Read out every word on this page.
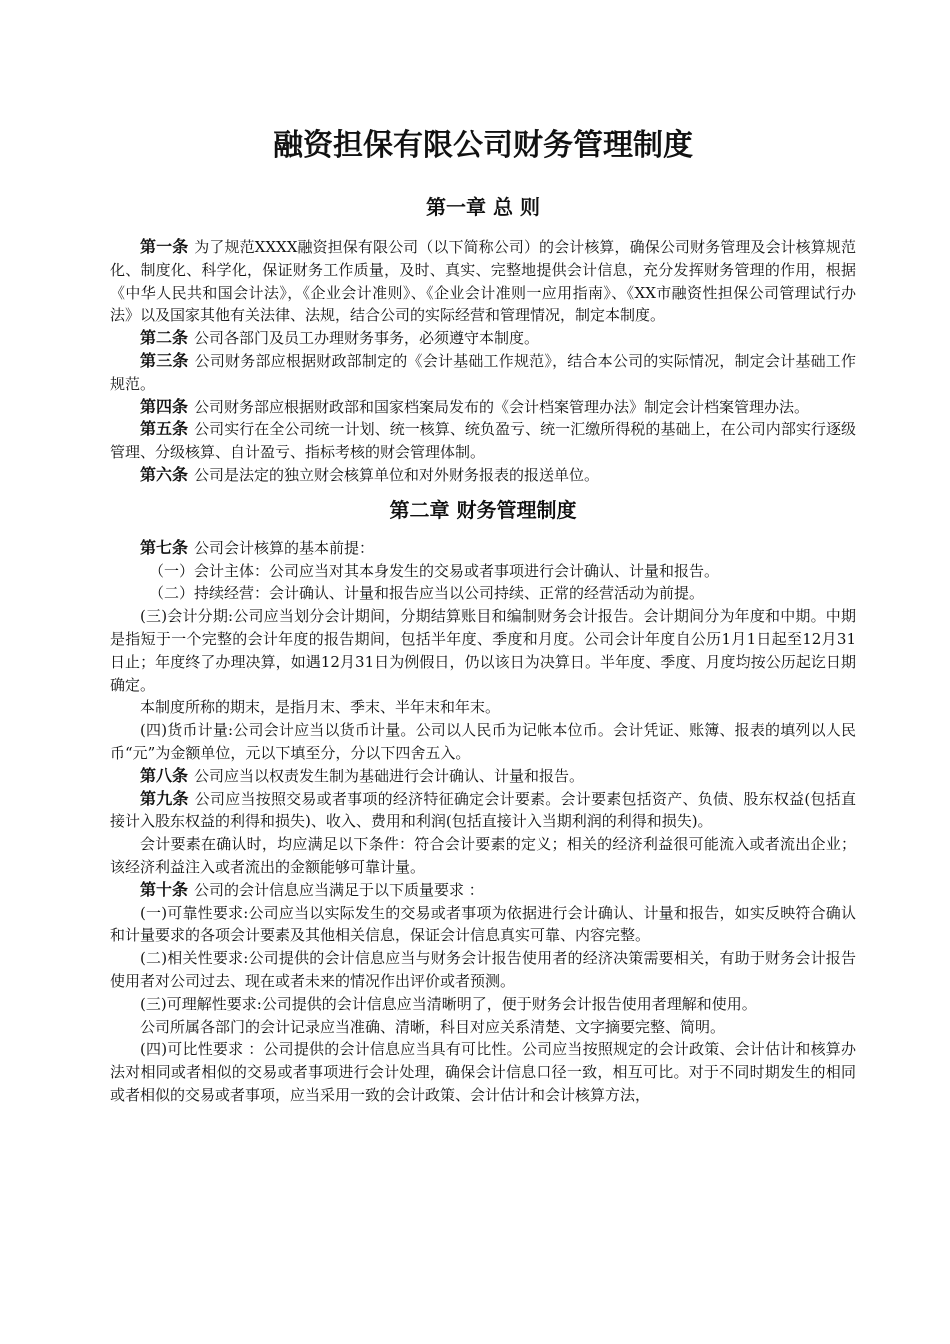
融资担保有限公司财务管理制度
第一章 总 则

第一条 为了规范XXXX融资担保有限公司（以下简称公司）的会计核算，确保公司财务管理及会计核算规范化、制度化、科学化，保证财务工作质量，及时、真实、完整地提供会计信息，充分发挥财务管理的作用，根据《中华人民共和国会计法》，《企业会计准则》、《企业会计准则一应用指南》、《XX市融资性担保公司管理试行办法》以及国家其他有关法律、法规，结合公司的实际经营和管理情况，制定本制度。

第二条 公司各部门及员工办理财务事务，必须遵守本制度。

第三条 公司财务部应根据财政部制定的《会计基础工作规范》，结合本公司的实际情况，制定会计基础工作规范。

第四条 公司财务部应根据财政部和国家档案局发布的《会计档案管理办法》制定会计档案管理办法。

第五条 公司实行在全公司统一计划、统一核算、统负盈亏、统一汇缴所得税的基础上，在公司内部实行逐级管理、分级核算、自计盈亏、指标考核的财会管理体制。

第六条 公司是法定的独立财会核算单位和对外财务报表的报送单位。

第二章 财务管理制度

第七条 公司会计核算的基本前提：

（一）会计主体：公司应当对其本身发生的交易或者事项进行会计确认、计量和报告。

（二）持续经营：会计确认、计量和报告应当以公司持续、正常的经营活动为前提。

(三)会计分期:公司应当划分会计期间，分期结算账目和编制财务会计报告。会计期间分为年度和中期。中期是指短于一个完整的会计年度的报告期间，包括半年度、季度和月度。公司会计年度自公历1月1日起至12月31日止；年度终了办理决算，如遇12月31日为例假日，仍以该日为决算日。半年度、季度、月度均按公历起讫日期确定。

本制度所称的期末，是指月末、季末、半年末和年末。

(四)货币计量:公司会计应当以货币计量。公司以人民币为记帐本位币。会计凭证、账簿、报表的填列以人民币“元”为金额单位，元以下填至分，分以下四舍五入。

第八条 公司应当以权责发生制为基础进行会计确认、计量和报告。

第九条 公司应当按照交易或者事项的经济特征确定会计要素。会计要素包括资产、负债、股东权益(包括直接计入股东权益的利得和损失)、收入、费用和利润(包括直接计入当期利润的利得和损失)。

会计要素在确认时，均应满足以下条件：符合会计要素的定义；相关的经济利益很可能流入或者流出企业；该经济利益注入或者流出的金额能够可靠计量。

第十条 公司的会计信息应当满足于以下质量要求 ：

(一)可靠性要求:公司应当以实际发生的交易或者事项为依据进行会计确认、计量和报告，如实反映符合确认和计量要求的各项会计要素及其他相关信息，保证会计信息真实可靠、内容完整。

(二)相关性要求:公司提供的会计信息应当与财务会计报告使用者的经济决策需要相关，有助于财务会计报告使用者对公司过去、现在或者未来的情况作出评价或者预测。

(三)可理解性要求:公司提供的会计信息应当清晰明了，便于财务会计报告使用者理解和使用。

公司所属各部门的会计记录应当准确、清晰，科目对应关系清楚、文字摘要完整、简明。

(四)可比性要求 ：公司提供的会计信息应当具有可比性。公司应当按照规定的会计政策、会计估计和核算办法对相同或者相似的交易或者事项进行会计处理，确保会计信息口径一致，相互可比。对于不同时期发生的相同或者相似的交易或者事项，应当采用一致的会计政策、会计估计和会计核算方法，
